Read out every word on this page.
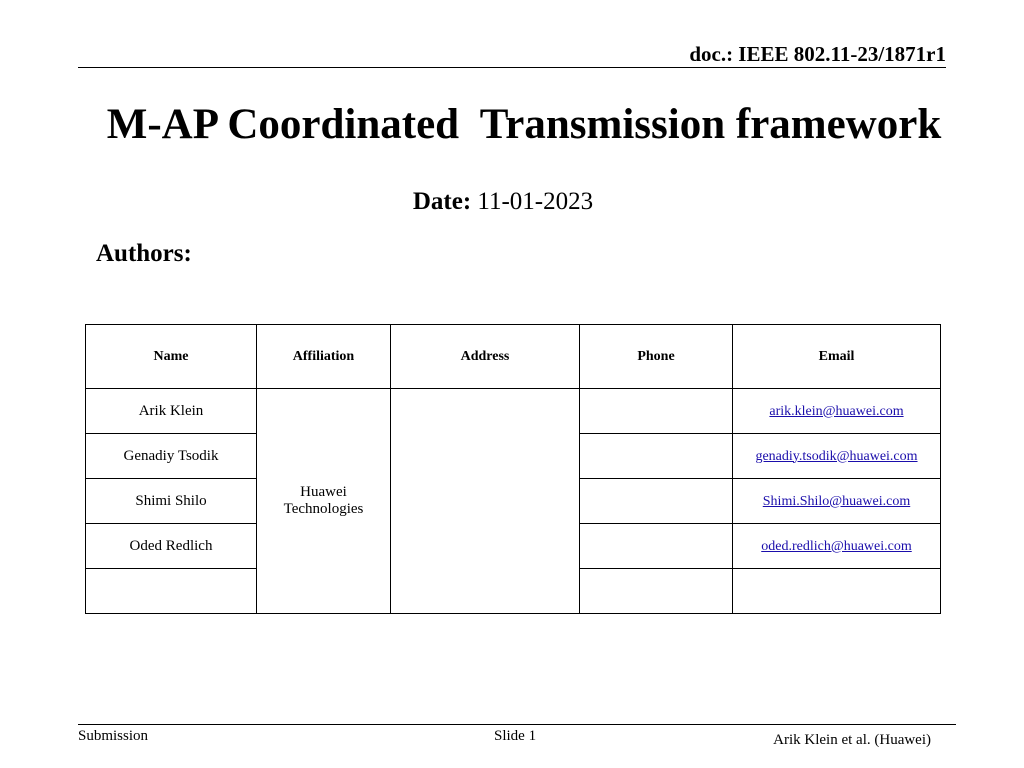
doc.: IEEE 802.11-23/1871r1
M-AP Coordinated  Transmission framework
Date: 11-01-2023
Authors:
Name	Affiliation	Address	Phone	Email
Arik Klein	Huawei Technologies			arik.klein@huawei.com
Genadiy Tsodik				genadiy.tsodik@huawei.com
Shimi Shilo				Shimi.Shilo@huawei.com
Oded Redlich				oded.redlich@huawei.com

Submission	Slide 1	Arik Klein et al. (Huawei)
